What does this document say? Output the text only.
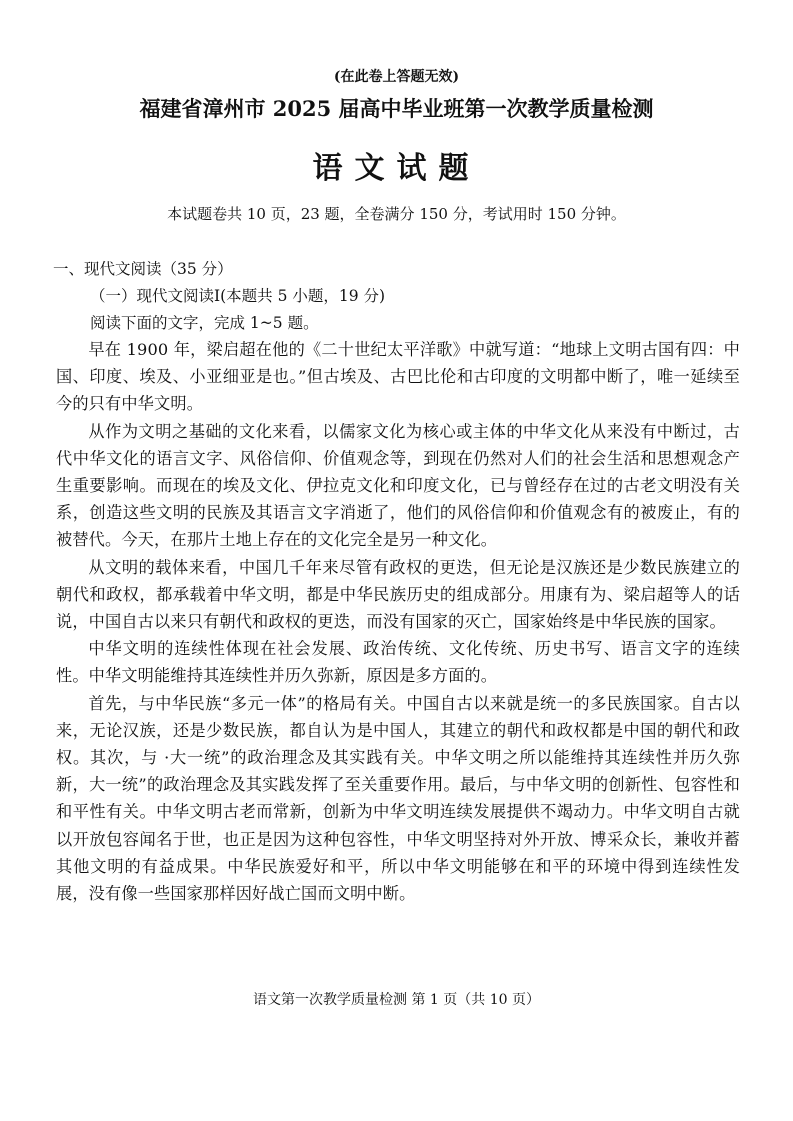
(在此卷上答题无效)
福建省漳州市 2025 届高中毕业班第一次教学质量检测
语文试题
本试题卷共 10 页，23 题，全卷满分 150 分，考试用时 150 分钟。
一、现代文阅读（35 分）
（一）现代文阅读Ⅰ(本题共 5 小题，19 分)
阅读下面的文字，完成 1~5 题。

早在 1900 年，梁启超在他的《二十世纪太平洋歌》中就写道：“地球上文明古国有四：中国、印度、埃及、小亚细亚是也。”但古埃及、古巴比伦和古印度的文明都中断了，唯一延续至今的只有中华文明。

从作为文明之基础的文化来看，以儒家文化为核心或主体的中华文化从来没有中断过，古代中华文化的语言文字、风俗信仰、价值观念等，到现在仍然对人们的社会生活和思想观念产生重要影响。而现在的埃及文化、伊拉克文化和印度文化，已与曾经存在过的古老文明没有关系，创造这些文明的民族及其语言文字消逝了，他们的风俗信仰和价值观念有的被废止，有的被替代。今天，在那片土地上存在的文化完全是另一种文化。

从文明的载体来看，中国几千年来尽管有政权的更迭，但无论是汉族还是少数民族建立的朝代和政权，都承载着中华文明，都是中华民族历史的组成部分。用康有为、梁启超等人的话说，中国自古以来只有朝代和政权的更迭，而没有国家的灭亡，国家始终是中华民族的国家。

中华文明的连续性体现在社会发展、政治传统、文化传统、历史书写、语言文字的连续性。中华文明能维持其连续性并历久弥新，原因是多方面的。

首先，与中华民族“多元一体”的格局有关。中国自古以来就是统一的多民族国家。自古以来，无论汉族，还是少数民族，都自认为是中国人，其建立的朝代和政权都是中国的朝代和政权。其次，与 ·大一统”的政治理念及其实践有关。中华文明之所以能维持其连续性并历久弥新，大一统”的政治理念及其实践发挥了至关重要作用。最后，与中华文明的创新性、包容性和和平性有关。中华文明古老而常新，创新为中华文明连续发展提供不竭动力。中华文明自古就以开放包容闻名于世，也正是因为这种包容性，中华文明坚持对外开放、博采众长，兼收并蓄其他文明的有益成果。中华民族爱好和平，所以中华文明能够在和平的环境中得到连续性发展，没有像一些国家那样因好战亡国而文明中断。

语文第一次教学质量检测 第 1 页（共 10 页）
